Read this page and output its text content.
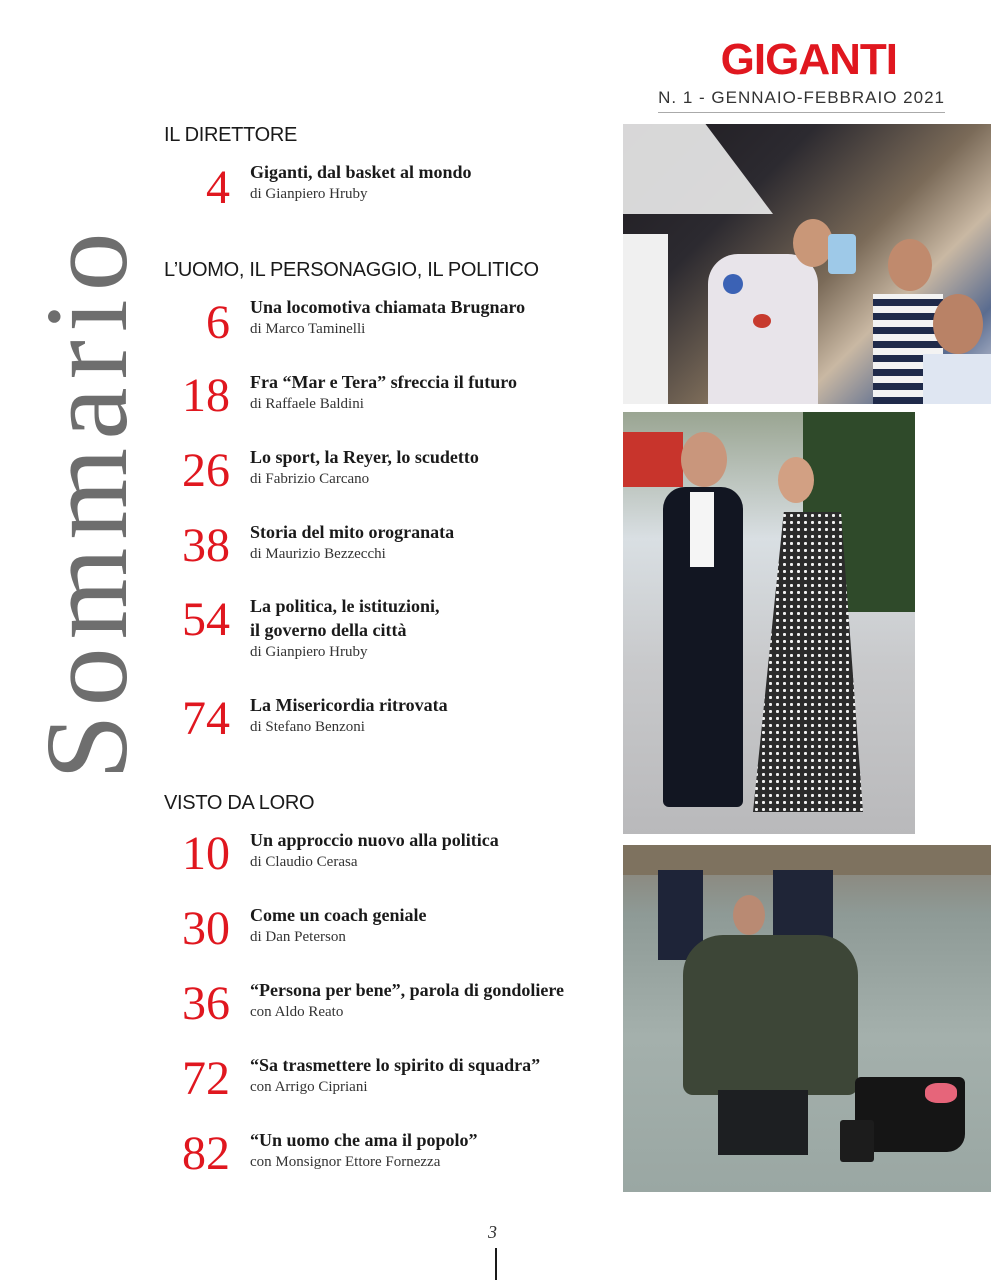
GIGANTI
N. 1 - GENNAIO-FEBBRAIO 2021
Sommario
IL DIRETTORE
4 Giganti, dal basket al mondo
di Gianpiero Hruby
L’UOMO, IL PERSONAGGIO, IL POLITICO
6 Una locomotiva chiamata Brugnaro
di Marco Taminelli
18 Fra “Mar e Tera” sfreccia il futuro
di Raffaele Baldini
26 Lo sport, la Reyer, lo scudetto
di Fabrizio Carcano
38 Storia del mito orogranata
di Maurizio Bezzecchi
54 La politica, le istituzioni,
il governo della città
di Gianpiero Hruby
74 La Misericordia ritrovata
di Stefano Benzoni
VISTO DA LORO
10 Un approccio nuovo alla politica
di Claudio Cerasa
30 Come un coach geniale
di Dan Peterson
36 “Persona per bene”, parola di gondoliere
con Aldo Reato
72 “Sa trasmettere lo spirito di squadra”
con Arrigo Cipriani
82 “Un uomo che ama il popolo”
con Monsignor Ettore Fornezza
3
